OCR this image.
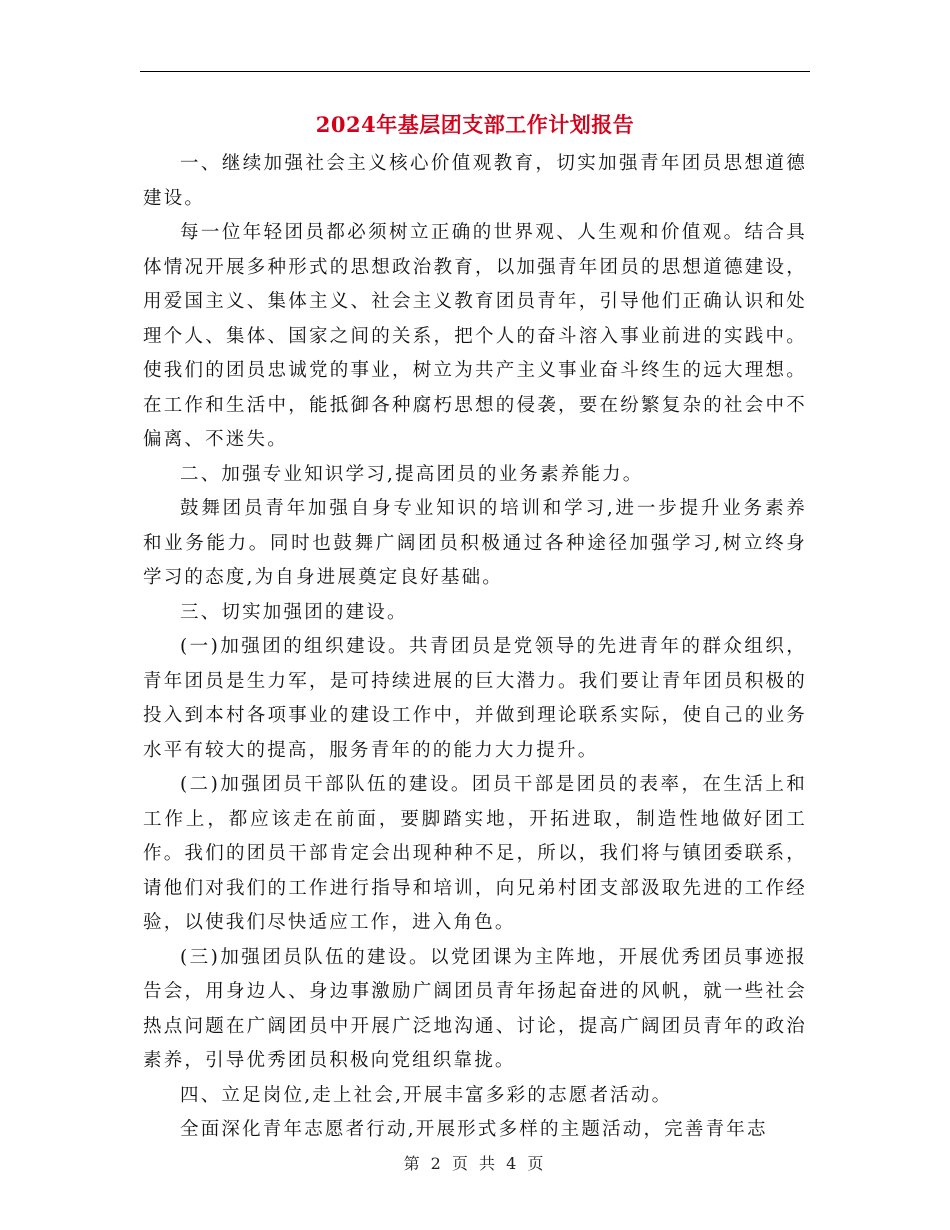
2024年基层团支部工作计划报告

一、继续加强社会主义核心价值观教育，切实加强青年团员思想道德建设。

每一位年轻团员都必须树立正确的世界观、人生观和价值观。结合具体情况开展多种形式的思想政治教育，以加强青年团员的思想道德建设，用爱国主义、集体主义、社会主义教育团员青年，引导他们正确认识和处理个人、集体、国家之间的关系，把个人的奋斗溶入事业前进的实践中。使我们的团员忠诚党的事业，树立为共产主义事业奋斗终生的远大理想。在工作和生活中，能抵御各种腐朽思想的侵袭，要在纷繁复杂的社会中不偏离、不迷失。

二、加强专业知识学习,提高团员的业务素养能力。

鼓舞团员青年加强自身专业知识的培训和学习,进一步提升业务素养和业务能力。同时也鼓舞广阔团员积极通过各种途径加强学习,树立终身学习的态度,为自身进展奠定良好基础。

三、切实加强团的建设。

(一)加强团的组织建设。共青团员是党领导的先进青年的群众组织，青年团员是生力军，是可持续进展的巨大潜力。我们要让青年团员积极的投入到本村各项事业的建设工作中，并做到理论联系实际，使自己的业务水平有较大的提高，服务青年的的能力大力提升。

(二)加强团员干部队伍的建设。团员干部是团员的表率，在生活上和工作上，都应该走在前面，要脚踏实地，开拓进取，制造性地做好团工作。我们的团员干部肯定会出现种种不足，所以，我们将与镇团委联系，请他们对我们的工作进行指导和培训，向兄弟村团支部汲取先进的工作经验，以使我们尽快适应工作，进入角色。

(三)加强团员队伍的建设。以党团课为主阵地，开展优秀团员事迹报告会，用身边人、身边事激励广阔团员青年扬起奋进的风帆，就一些社会热点问题在广阔团员中开展广泛地沟通、讨论，提高广阔团员青年的政治素养，引导优秀团员积极向党组织靠拢。

四、立足岗位,走上社会,开展丰富多彩的志愿者活动。

全面深化青年志愿者行动,开展形式多样的主题活动，完善青年志

第 2 页 共 4 页
